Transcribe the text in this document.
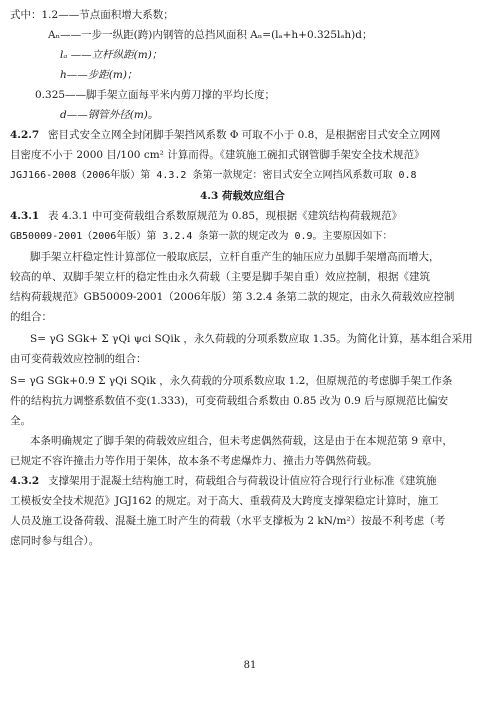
式中：1.2——节点面积增大系数；
Aₙ——一步一纵距(跨)内钢管的总挡风面积 Aₙ=(lₐ+h+0.325lₐh)d；
lₐ ——立杆纵距(m)；
h——步距(m)；
0.325——脚手架立面每平米内剪刀撑的平均长度；
d——钢管外径(m)。
4.2.7 密目式安全立网全封闭脚手架挡风系数 Φ 可取不小于 0.8，是根据密目式安全立网网
目密度不小于 2000 目/100 cm² 计算而得。《建筑施工碗扣式钢管脚手架安全技术规范》
JGJ166-2008（2006年版）第 4.3.2 条第一款规定：密目式安全立网挡风系数可取 0.8
4.3 荷载效应组合
4.3.1 表 4.3.1 中可变荷载组合系数原规范为 0.85，现根据《建筑结构荷载规范》
GB50009-2001（2006年版）第 3.2.4 条第一款的规定改为 0.9。主要原因如下：
脚手架立杆稳定性计算部位一般取底层，立杆自重产生的轴压应力虽脚手架增高而增大，
较高的单、双脚手架立杆的稳定性由永久荷载（主要是脚手架自重）效应控制，根据《建筑
结构荷载规范》GB50009-2001（2006年版）第 3.2.4 条第二款的规定，由永久荷载效应控制
的组合：
S= γG SGk+ Σ γQi ψci SQik ，永久荷载的分项系数应取 1.35。为简化计算，基本组合采用
由可变荷载效应控制的组合：
S= γG SGk+0.9 Σ γQi SQik ，永久荷载的分项系数应取 1.2，但原规范的考虑脚手架工作条
件的结构抗力调整系数值不变(1.333)，可变荷载组合系数由 0.85 改为 0.9 后与原规范比偏安
全。
本条明确规定了脚手架的荷载效应组合，但未考虑偶然荷载，这是由于在本规范第 9 章中，
已规定不容许撞击力等作用于架体，故本条不考虑爆炸力、撞击力等偶然荷载。
4.3.2 支撑架用于混凝土结构施工时，荷载组合与荷载设计值应符合现行行业标准《建筑施
工模板安全技术规范》JGJ162 的规定。对于高大、重载荷及大跨度支撑架稳定计算时，施工
人员及施工设备荷载、混凝土施工时产生的荷载（水平支撑板为 2 kN/m²）按最不利考虑（考
虑同时参与组合）。
81
